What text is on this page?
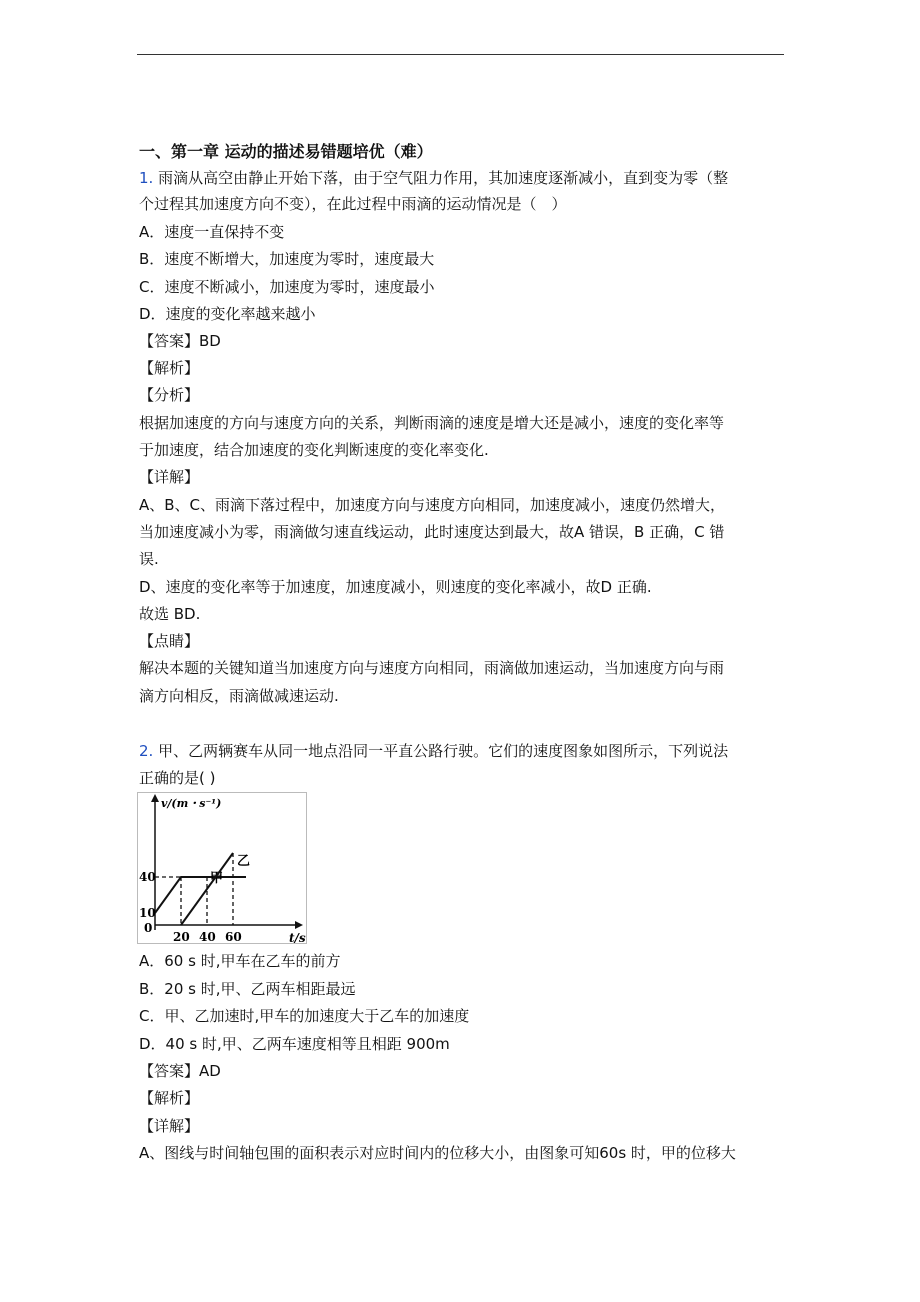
一、第一章 运动的描述易错题培优（难）
1. 雨滴从高空由静止开始下落，由于空气阻力作用，其加速度逐渐减小，直到变为零（整
个过程其加速度方向不变），在此过程中雨滴的运动情况是（　）
A．速度一直保持不变
B．速度不断增大，加速度为零时，速度最大
C．速度不断减小，加速度为零时，速度最小
D．速度的变化率越来越小
【答案】BD
【解析】
【分析】
根据加速度的方向与速度方向的关系，判断雨滴的速度是增大还是减小，速度的变化率等
于加速度，结合加速度的变化判断速度的变化率变化.
【详解】
A、B、C、雨滴下落过程中，加速度方向与速度方向相同，加速度减小，速度仍然增大，
当加速度减小为零，雨滴做匀速直线运动，此时速度达到最大，故A 错误，B 正确，C 错
误.
D、速度的变化率等于加速度，加速度减小，则速度的变化率减小，故D 正确.
故选 BD.
【点睛】
解决本题的关键知道当加速度方向与速度方向相同，雨滴做加速运动，当加速度方向与雨
滴方向相反，雨滴做减速运动.
2. 甲、乙两辆赛车从同一地点沿同一平直公路行驶。它们的速度图象如图所示，下列说法
正确的是( )
甲
乙
20 40 60
10
40
v/(m・s⁻¹)
t/s
0
A．60 s 时,甲车在乙车的前方
B．20 s 时,甲、乙两车相距最远
C．甲、乙加速时,甲车的加速度大于乙车的加速度
D．40 s 时,甲、乙两车速度相等且相距 900m
【答案】AD
【解析】
【详解】
A、图线与时间轴包围的面积表示对应时间内的位移大小，由图象可知60s 时，甲的位移大
